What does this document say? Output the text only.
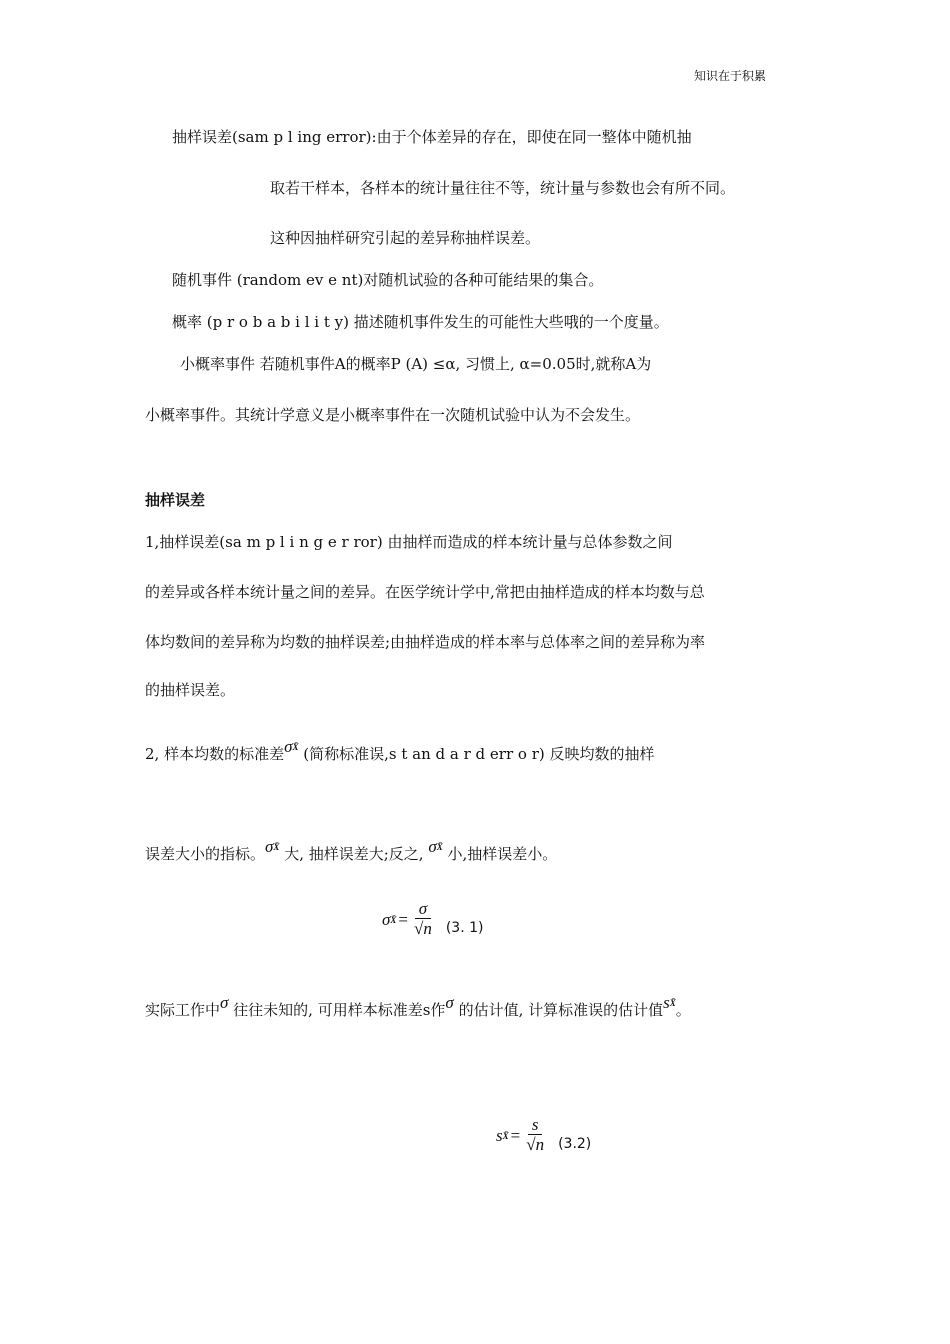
知识在于积累
抽样误差(sam p l ing error):由于个体差异的存在，即使在同一整体中随机抽
取若干样本，各样本的统计量往往不等，统计量与参数也会有所不同。
这种因抽样研究引起的差异称抽样误差。
随机事件 (random ev e nt)对随机试验的各种可能结果的集合。
概率 (p r o b a b i l i t y) 描述随机事件发生的可能性大些哦的一个度量。
小概率事件 若随机事件A的概率P (A) ≤α, 习惯上, α=0.05时,就称A为
小概率事件。其统计学意义是小概率事件在一次随机试验中认为不会发生。
抽样误差
1,抽样误差(sa m p l i n g e r ror) 由抽样而造成的样本统计量与总体参数之间
的差异或各样本统计量之间的差异。在医学统计学中,常把由抽样造成的样本均数与总
体均数间的差异称为均数的抽样误差;由抽样造成的样本率与总体率之间的差异称为率
的抽样误差。
2, 样本均数的标准差σX̄ (简称标准误,s t an d a r d err o r) 反映均数的抽样
误差大小的指标。σX̄ 大, 抽样误差大;反之, σX̄ 小,抽样误差小。
σX̄ = $\frac{\sigma}{√n} (3$. 1)
实际工作中σ 往往未知的, 可用样本标准差s作σ 的估计值, 计算标准误的估计值sX̄。
sX̄ = $\frac{s}{√n} (3.2)$
